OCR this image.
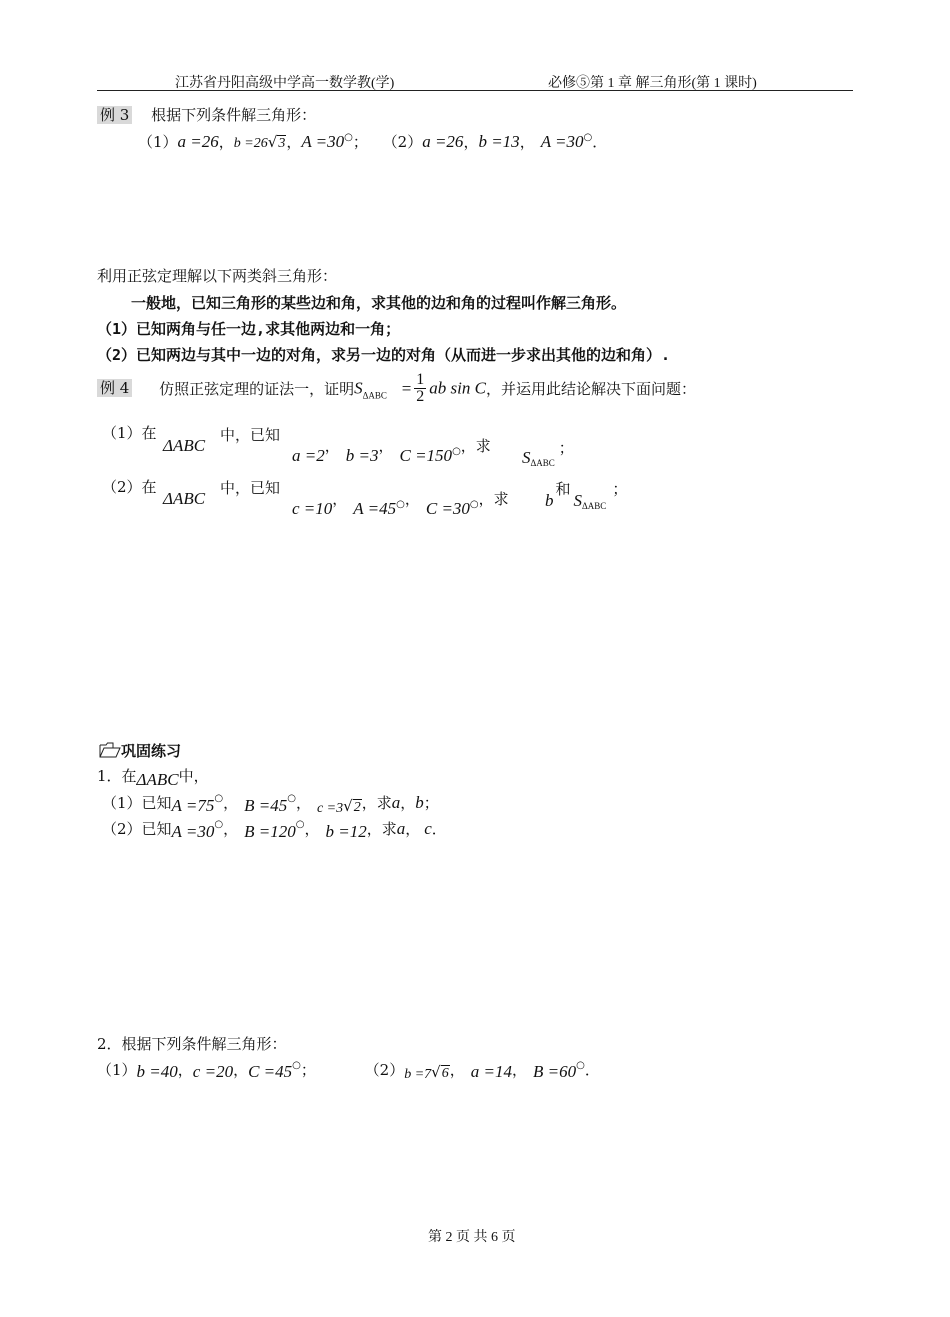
江苏省丹阳高级中学高一数学教(学)	必修⑤第 1 章 解三角形(第 1 课时)
例 3 根据下列条件解三角形：
（1）a =26，b =26√3，A =30○； （2）a =26，b =13， A =30○．
利用正弦定理解以下两类斜三角形：
一般地，已知三角形的某些边和角，求其他的边和角的过程叫作解三角形。
（1）已知两角与任一边,求其他两边和一角；
（2）已知两边与其中一边的对角，求另一边的对角（从而进一步求出其他的边和角）.
例 4 仿照正弦定理的证法一，证明$S_{\Delta ABC} = \frac{1}{2}$ ab sin C，并运用此结论解决下面问题：
（1）在
ΔABC
中，已知
a =2， b =3， C =150○，求
$S_{\Delta ABC}$；
（2）在
ΔABC
中，已知
c =10， A =45○， C =30○，求 b和$S_{\Delta ABC}$；
巩固练习
1．在ΔABC中，
（1）已知A =75○， B =45○， c =3√2，求a，b；
（2）已知A =30○， B =120○， b =12，求a， c．
2．根据下列条件解三角形：
（1）b =40，c =20，C =45○；	（2）b =7√6， a =14， B =60○．
第 2 页 共 6 页
